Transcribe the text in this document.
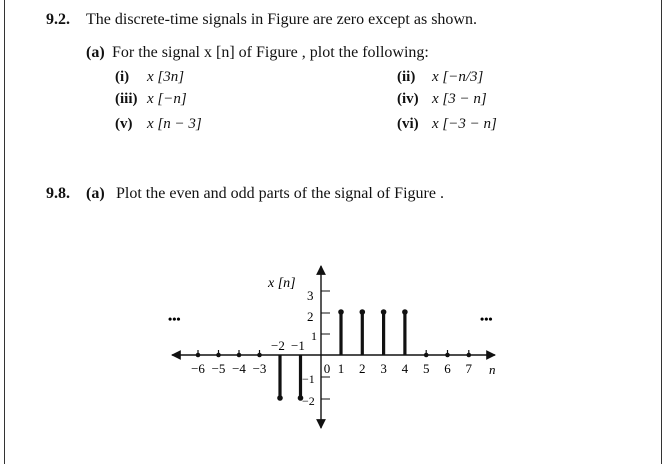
9.2. The discrete-time signals in Figure are zero except as shown.
(a) For the signal x [n] of Figure , plot the following:
(i) x [3n]	(ii) x [−n/3]
(iii) x [−n]	(iv) x [3 − n]
(v) x [n − 3]	(vi) x [−3 − n]
9.8. (a) Plot the even and odd parts of the signal of Figure .
−6 −5 −4 −3	0 1 2 3 4 5 6 7
x [n]
n
3
2
1
−1
−2
−2 −1
•••	•••
